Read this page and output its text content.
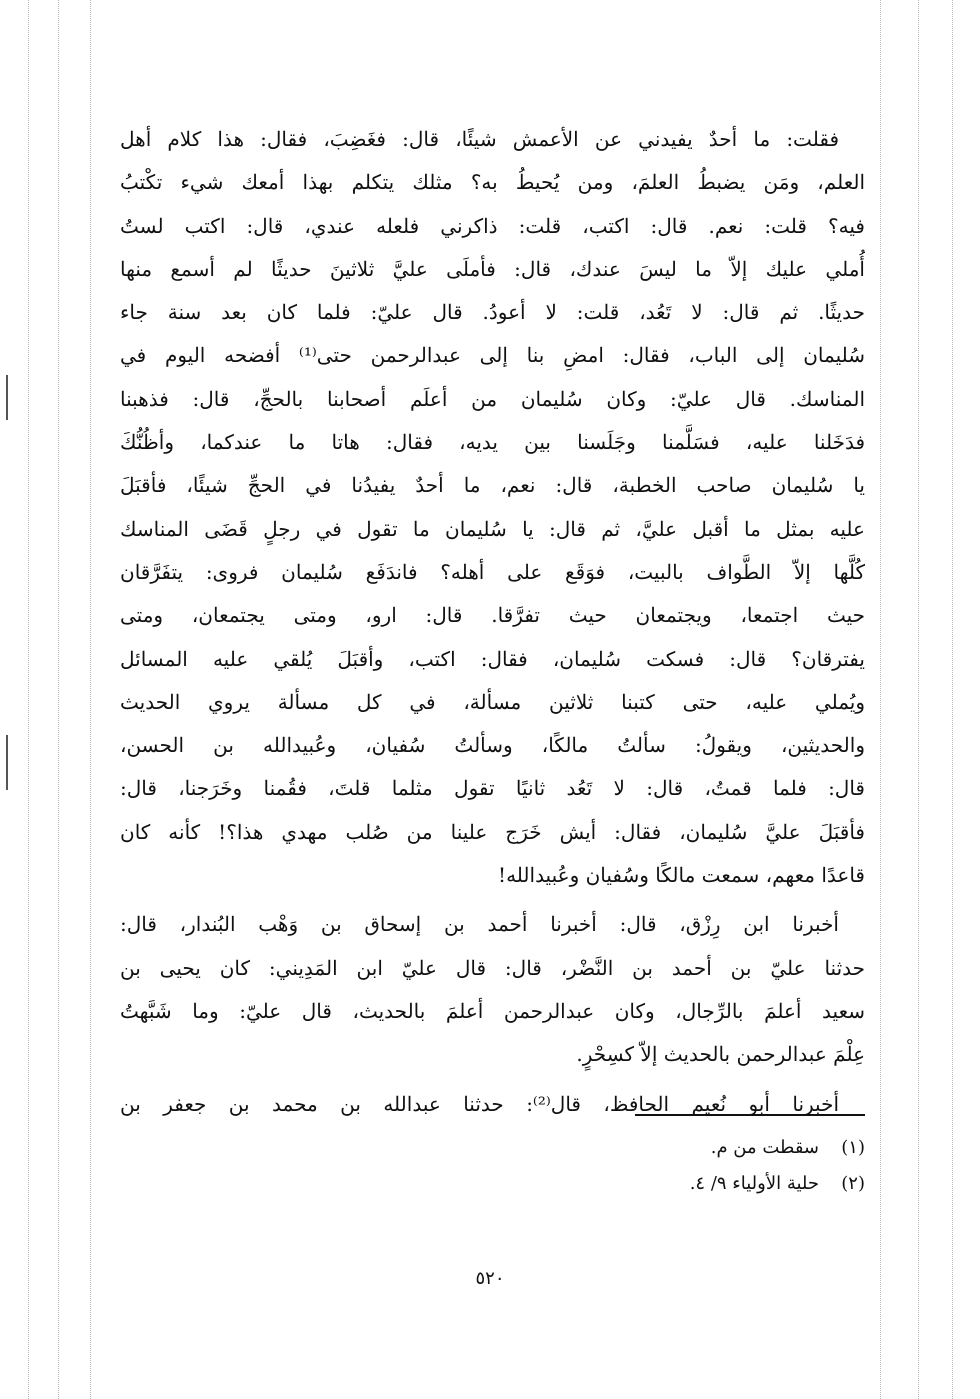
فقلت: ما أحدٌ يفيدني عن الأعمش شيئًا، قال: فغَضِبَ، فقال: هذا كلام أهل
العلم، ومَن يضبطُ العلمَ، ومن يُحيطُ به؟ مثلك يتكلم بهذا أمعك شيء تكْتبُ
فيه؟ قلت: نعم. قال: اكتب، قلت: ذاكرني فلعله عندي، قال: اكتب لستُ
أُملي عليك إلاّ ما ليسَ عندك، قال: فأملَى عليَّ ثلاثينَ حديثًا لم أسمع منها
حديثًا. ثم قال: لا تَعُد، قلت: لا أعودُ. قال عليّ: فلما كان بعد سنة جاء
سُليمان إلى الباب، فقال: امضِ بنا إلى عبدالرحمن حتى⁽¹⁾ أفضحه اليوم في
المناسك. قال عليّ: وكان سُليمان من أعلَم أصحابنا بالحجِّ، قال: فذهبنا
فدَخَلنا عليه، فسَلَّمنا وجَلَسنا بين يديه، فقال: هاتا ما عندكما، وأظُنُّكَ
يا سُليمان صاحب الخطبة، قال: نعم، ما أحدٌ يفيدُنا في الحجِّ شيئًا، فأقبَلَ
عليه بمثل ما أقبل عليَّ، ثم قال: يا سُليمان ما تقول في رجلٍ قَضَى المناسك
كُلَّها إلاّ الطَّواف بالبيت، فوَقَع على أهله؟ فاندَفَع سُليمان فروى: يتفَرَّقان
حيث اجتمعا، ويجتمعان حيث تفرَّقا. قال: ارو، ومتى يجتمعان، ومتى
يفترقان؟ قال: فسكت سُليمان، فقال: اكتب، وأقبَلَ يُلقي عليه المسائل
ويُملي عليه، حتى كتبنا ثلاثين مسألة، في كل مسألة يروي الحديث
والحديثين، ويقولُ: سألتُ مالكًا، وسألتُ سُفيان، وعُبيدالله بن الحسن،
قال: فلما قمتُ، قال: لا تَعُد ثانيًا تقول مثلما قلتَ، فقُمنا وخَرَجنا، قال:
فأقبَلَ عليَّ سُليمان، فقال: أيش خَرَج علينا من صُلب مهدي هذا؟! كأنه كان
قاعدًا معهم، سمعت مالكًا وسُفيان وعُبيدالله!
أخبرنا ابن رِزْق، قال: أخبرنا أحمد بن إسحاق بن وَهْب البُندار، قال:
حدثنا عليّ بن أحمد بن النَّضْر، قال: قال عليّ ابن المَدِيني: كان يحيى بن
سعيد أعلمَ بالرِّجال، وكان عبدالرحمن أعلمَ بالحديث، قال عليّ: وما شَبَّهتُ
عِلْمَ عبدالرحمن بالحديث إلاّ كسِحْرٍ.
أخبرنا أبو نُعيم الحافظ، قال⁽²⁾: حدثنا عبدالله بن محمد بن جعفر بن
(١)سقطت من م.
(٢)حلية الأولياء ٩/ ٤.
٥٢٠
